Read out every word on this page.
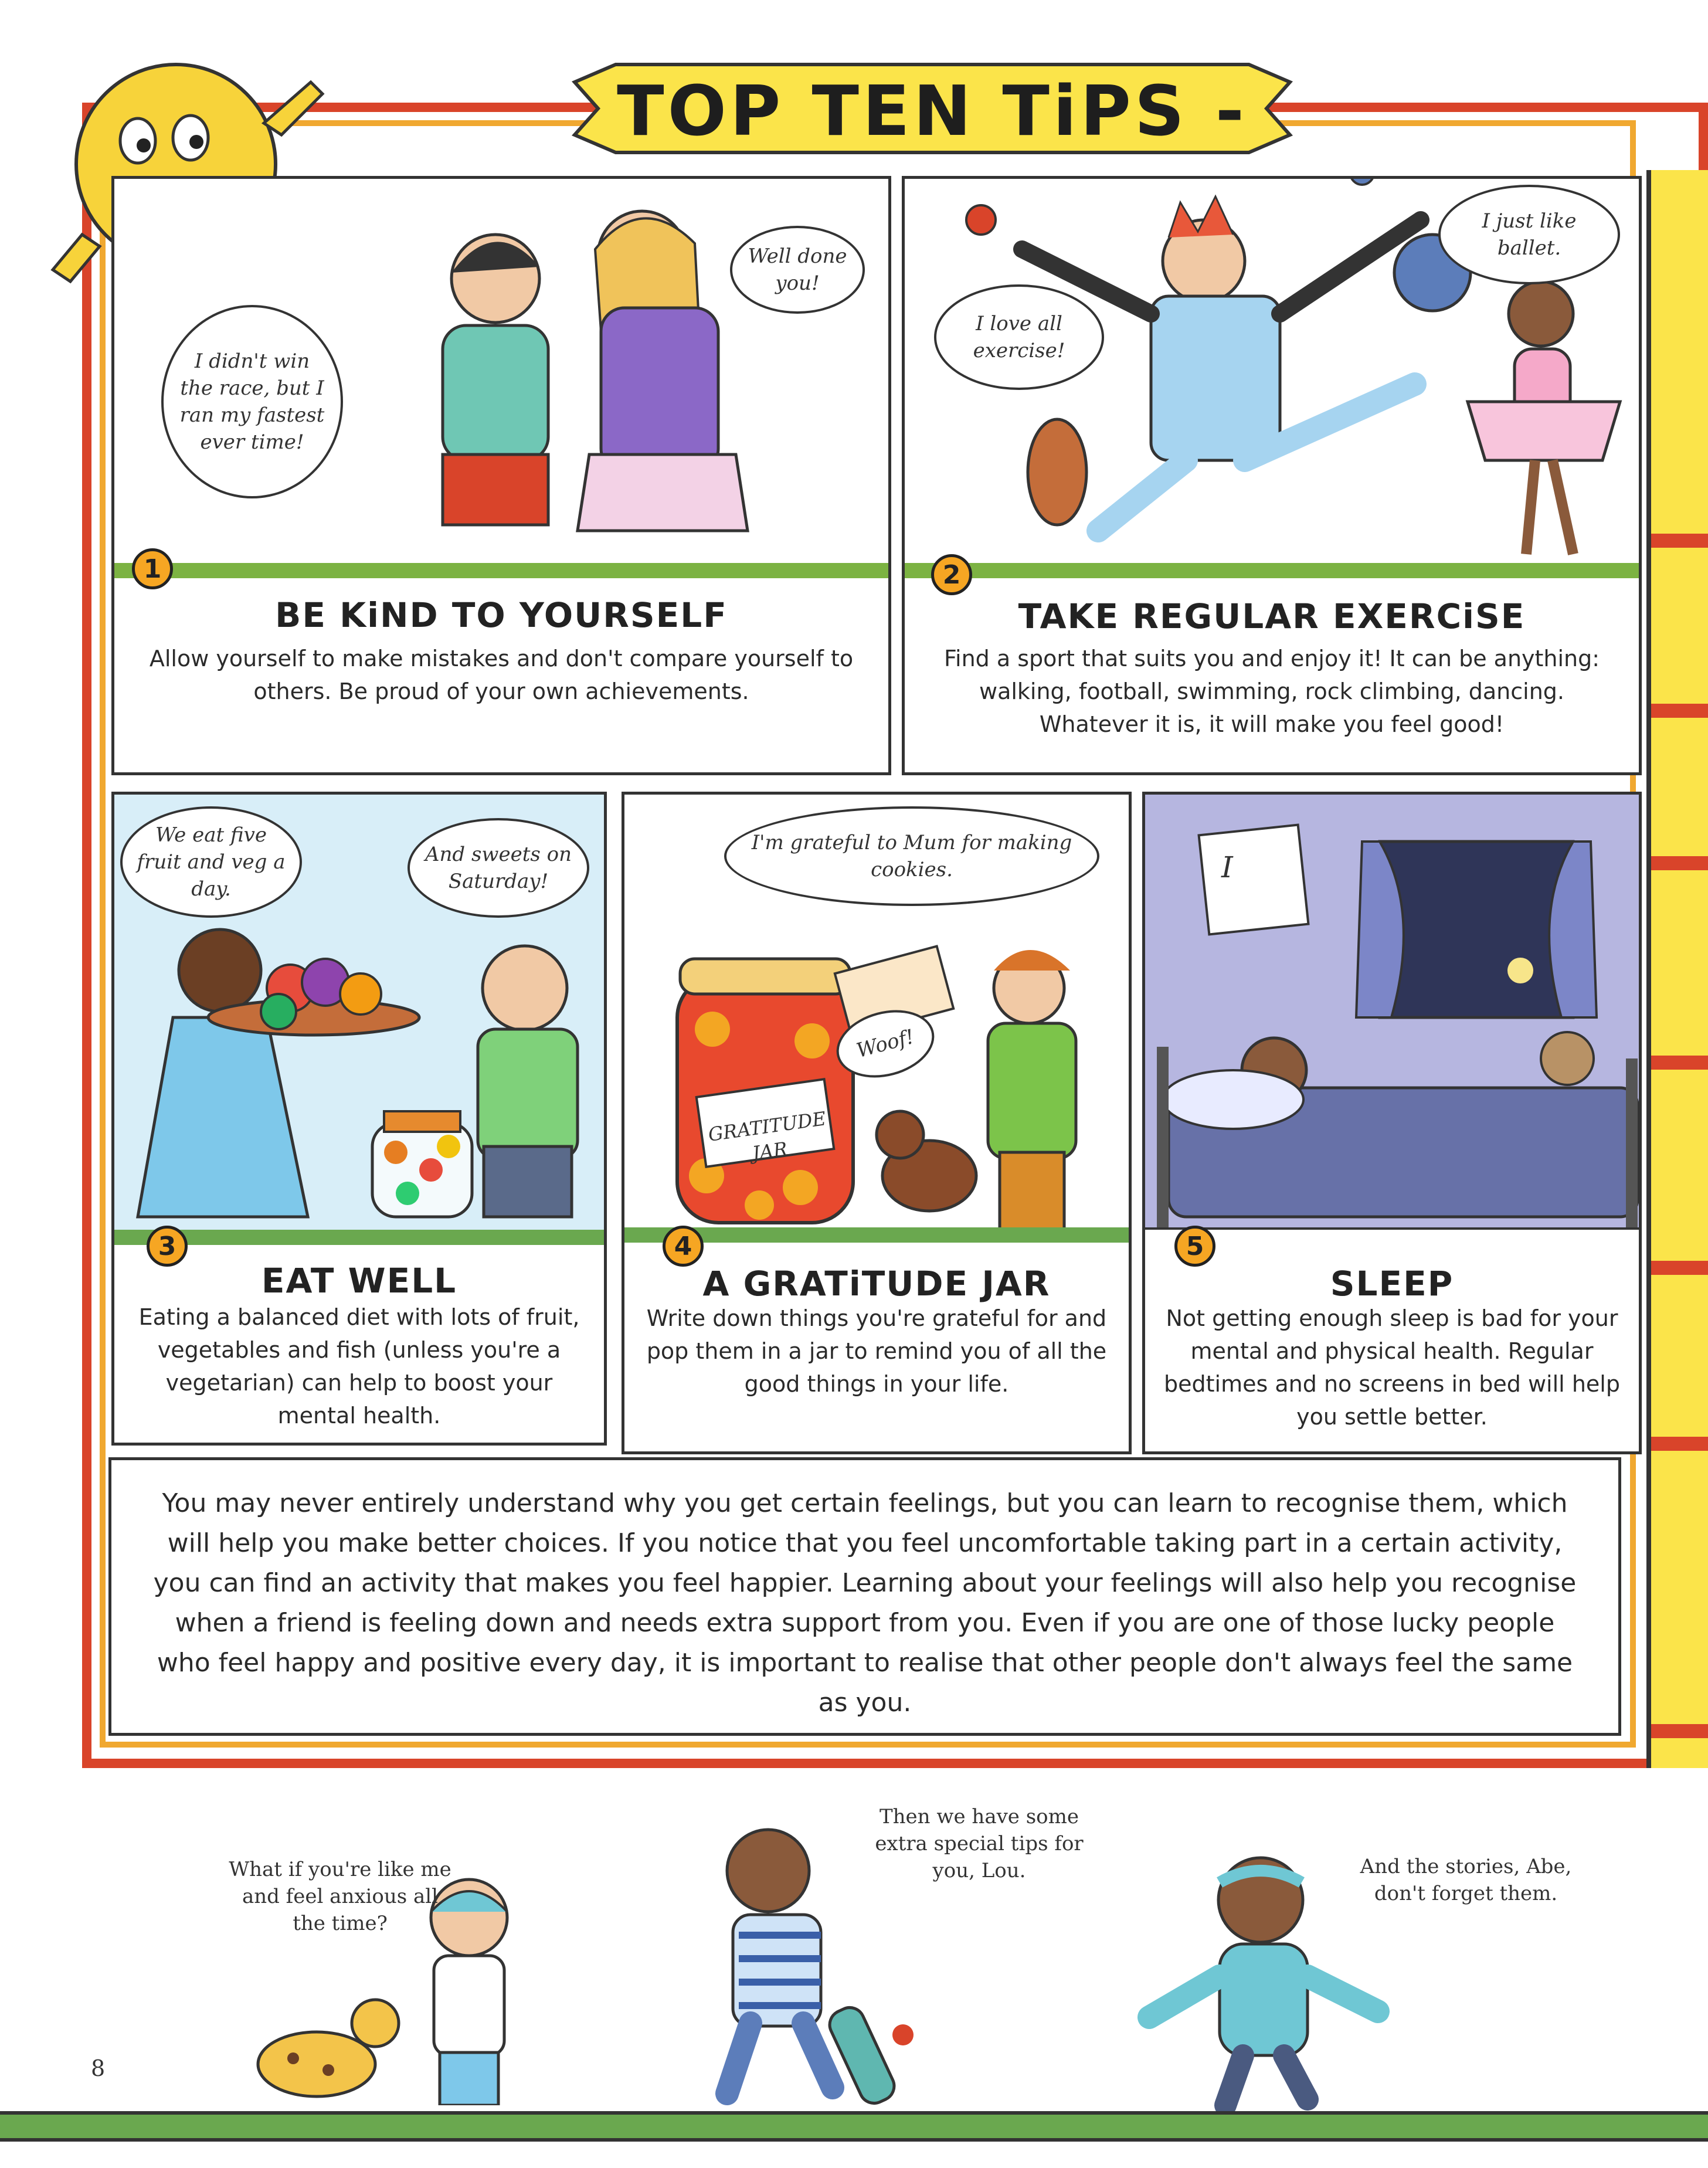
TOP TEN TiPS -
I didn't win the race, but I ran my fastest ever time!
Well done you!
1
BE KiND TO YOURSELF
Allow yourself to make mistakes and don't compare yourself to others. Be proud of your own achievements.
I love all exercise!
I just like ballet.
2
TAKE REGULAR EXERCiSE
Find a sport that suits you and enjoy it! It can be anything: walking, football, swimming, rock climbing, dancing. Whatever it is, it will make you feel good!
We eat five fruit and veg a day.
And sweets on Saturday!
3
EAT WELL
Eating a balanced diet with lots of fruit, vegetables and fish (unless you're a vegetarian) can help to boost your mental health.
I'm grateful to Mum for making cookies.
Woof!
GRATITUDE JAR
4
A GRATiTUDE JAR
Write down things you're grateful for and pop them in a jar to remind you of all the good things in your life.
I
5
SLEEP
Not getting enough sleep is bad for your mental and physical health. Regular bedtimes and no screens in bed will help you settle better.
You may never entirely understand why you get certain feelings, but you can learn to recognise them, which will help you make better choices. If you notice that you feel uncomfortable taking part in a certain activity, you can find an activity that makes you feel happier. Learning about your feelings will also help you recognise when a friend is feeling down and needs extra support from you. Even if you are one of those lucky people who feel happy and positive every day, it is important to realise that other people don't always feel the same as you.
What if you're like me and feel anxious all the time?
Then we have some extra special tips for you, Lou.	And the stories, Abe, don't forget them.
8
